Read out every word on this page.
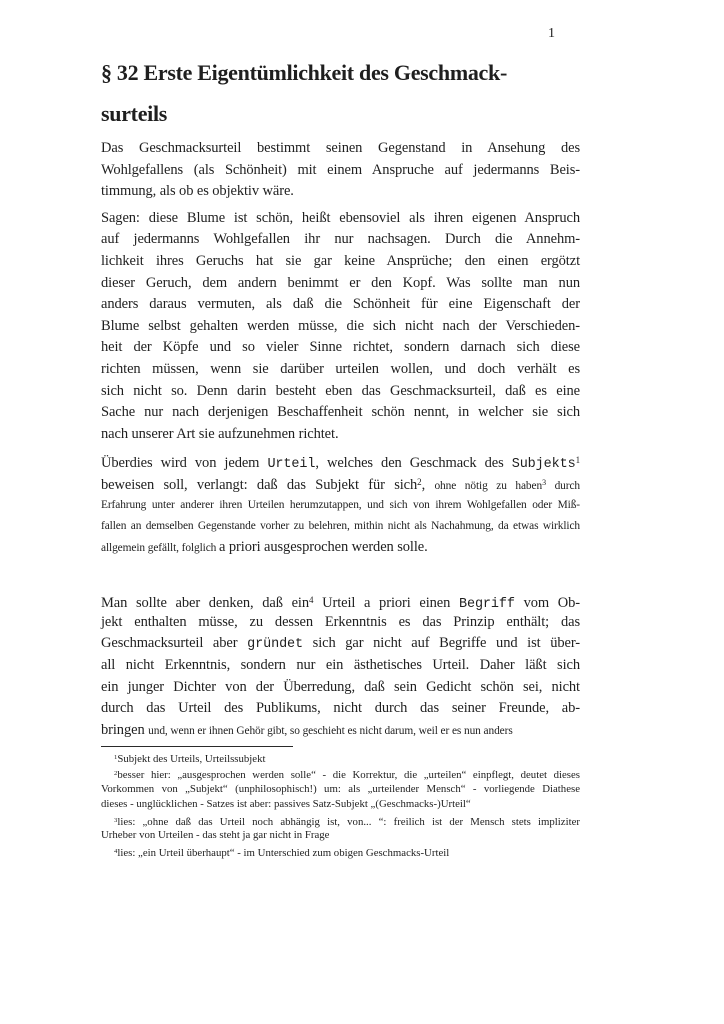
1
§ 32 Erste Eigentümlichkeit des Geschmack-
surteils
Das Geschmacksurteil bestimmt seinen Gegenstand in Ansehung des
Wohlgefallens (als Schönheit) mit einem Anspruche auf jedermanns Beis-
timmung, als ob es objektiv wäre.
Sagen: diese Blume ist schön, heißt ebensoviel als ihren eigenen Anspruch
auf jedermanns Wohlgefallen ihr nur nachsagen. Durch die Annehm-
lichkeit ihres Geruchs hat sie gar keine Ansprüche; den einen ergötzt
dieser Geruch, dem andern benimmt er den Kopf. Was sollte man nun
anders daraus vermuten, als daß die Schönheit für eine Eigenschaft der
Blume selbst gehalten werden müsse, die sich nicht nach der Verschieden-
heit der Köpfe und so vieler Sinne richtet, sondern darnach sich diese
richten müssen, wenn sie darüber urteilen wollen, und doch verhält es
sich nicht so. Denn darin besteht eben das Geschmacksurteil, daß es eine
Sache nur nach derjenigen Beschaffenheit schön nennt, in welcher sie sich
nach unserer Art sie aufzunehmen richtet.
Überdies wird von jedem Urteil, welches den Geschmack des Subjekts$^1$
beweisen soll, verlangt: daß das Subjekt für sich$^2$, ohne nötig zu haben$^3$ durch
Erfahrung unter anderer ihren Urteilen herumzutappen, und sich von ihrem Wohlgefallen oder Miß-
fallen an demselben Gegenstande vorher zu belehren, mithin nicht als Nachahmung, da etwas wirklich
allgemein gefällt, folglich a priori ausgesprochen werden solle.
Man sollte aber denken, daß ein$^4$ Urteil a priori einen Begriff vom Ob-
jekt enthalten müsse, zu dessen Erkenntnis es das Prinzip enthält; das
Geschmacksurteil aber gründet sich gar nicht auf Begriffe und ist über-
all nicht Erkenntnis, sondern nur ein ästhetisches Urteil. Daher läßt sich
ein junger Dichter von der Überredung, daß sein Gedicht schön sei, nicht
durch das Urteil des Publikums, nicht durch das seiner Freunde, ab-
bringen und, wenn er ihnen Gehör gibt, so geschieht es nicht darum, weil er es nun anders
$^1$Subjekt des Urteils, Urteilssubjekt
$^2$besser hier: „ausgesprochen werden solle“ - die Korrektur, die „urteilen“ einpflegt, deutet dieses
Vorkommen von „Subjekt“ (unphilosophisch!) um: als „urteilender Mensch“ - vorliegende Diathese
dieses - unglücklichen - Satzes ist aber: passives Satz-Subjekt „(Geschmacks-)Urteil“
$^3$lies: „ohne daß das Urteil noch abhängig ist, von... “: freilich ist der Mensch stets impliziter
Urheber von Urteilen - das steht ja gar nicht in Frage
$^4$lies: „ein Urteil überhaupt“ - im Unterschied zum obigen Geschmacks-Urteil
